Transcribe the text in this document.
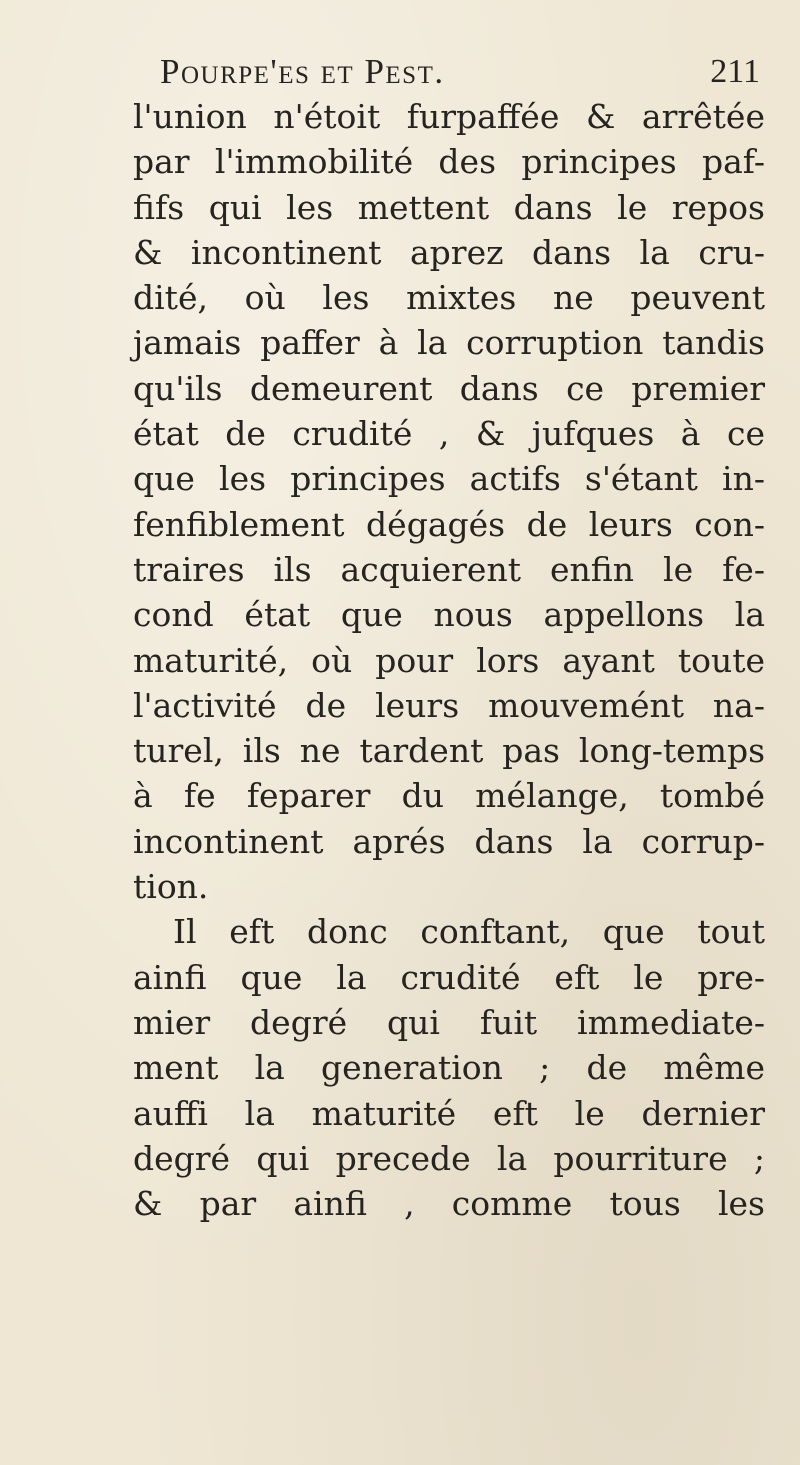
Pourpe'es et Pest.	211
l'union n'étoit furpaffée & arrêtée
par l'immobilité des principes paf-
fifs qui les mettent dans le repos
& incontinent aprez dans la cru-
dité, où les mixtes ne peuvent
jamais paffer à la corruption tandis
qu'ils demeurent dans ce premier
état de crudité , & jufques à ce
que les principes actifs s'étant in-
fenfiblement dégagés de leurs con-
traires ils acquierent enfin le fe-
cond état que nous appellons la
maturité, où pour lors ayant toute
l'activité de leurs mouvemént na-
turel, ils ne tardent pas long-temps
à fe feparer du mélange, tombé
incontinent aprés dans la corrup-
tion.
Il eft donc conftant, que tout
ainfi que la crudité eft le pre-
mier degré qui fuit immediate-
ment la generation ; de même
auffi la maturité eft le dernier
degré qui precede la pourriture ;
& par ainfi , comme tous les
